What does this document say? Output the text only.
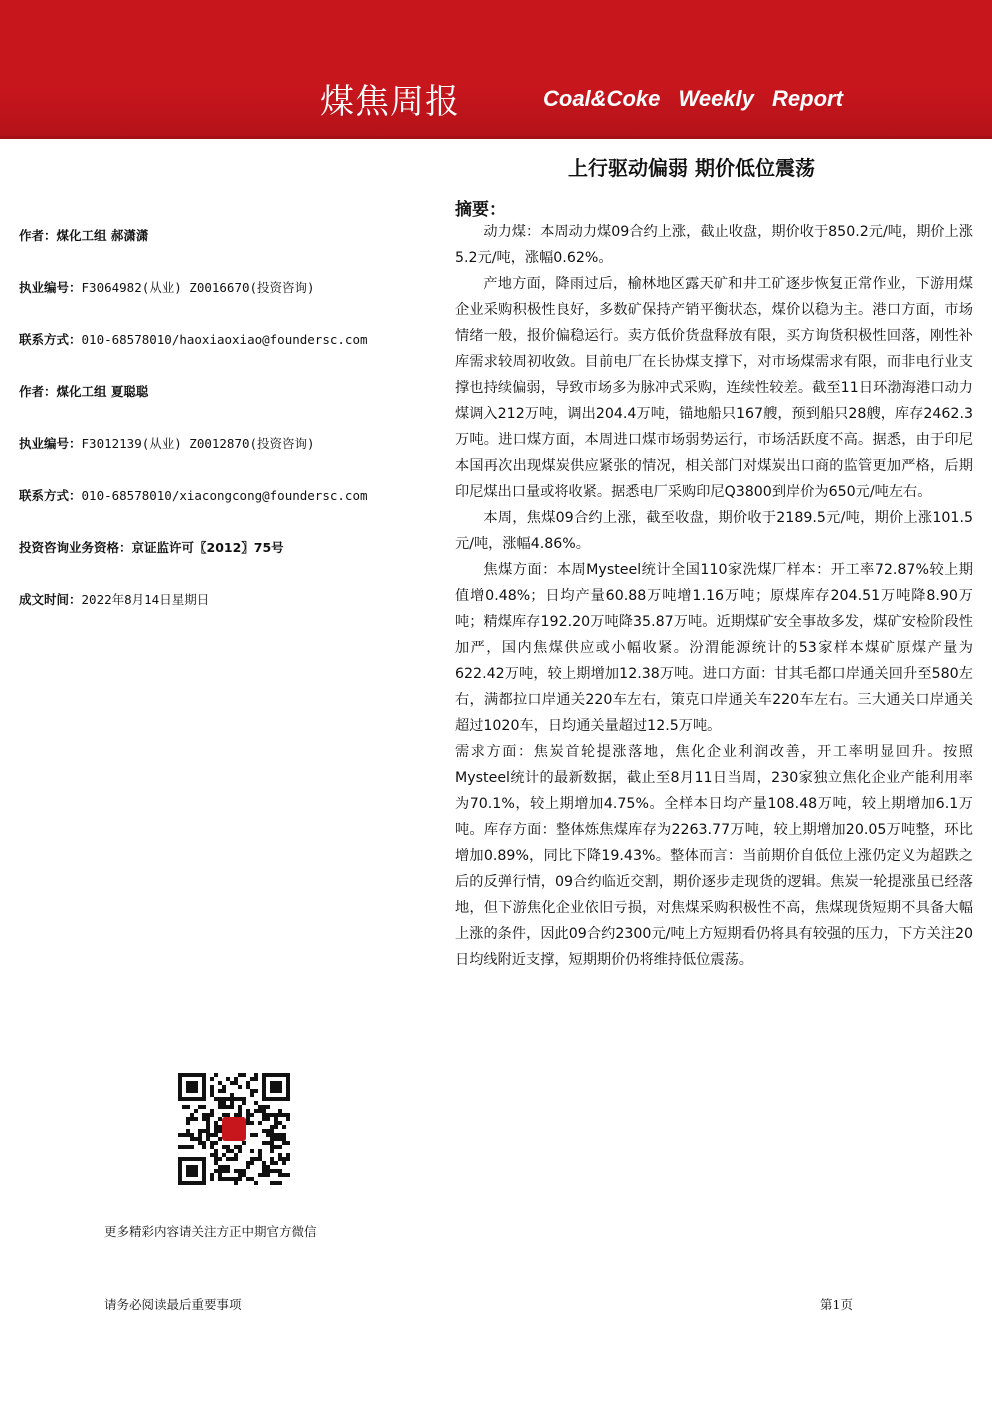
煤焦周报	Coal&Coke Weekly Report
上行驱动偏弱 期价低位震荡
作者：煤化工组 郝潇潇
执业编号：F3064982(从业) Z0016670(投资咨询)
联系方式：010-68578010/haoxiaoxiao@foundersc.com
作者：煤化工组 夏聪聪
执业编号：F3012139(从业) Z0012870(投资咨询)
联系方式：010-68578010/xiacongcong@foundersc.com
投资咨询业务资格：京证监许可〖2012〗75号
成文时间：2022年8月14日星期日
摘要：

动力煤：本周动力煤09合约上涨，截止收盘，期价收于850.2元/吨，期价上涨5.2元/吨，涨幅0.62%。

产地方面，降雨过后，榆林地区露天矿和井工矿逐步恢复正常作业，下游用煤企业采购积极性良好，多数矿保持产销平衡状态，煤价以稳为主。港口方面，市场情绪一般，报价偏稳运行。卖方低价货盘释放有限，买方询货积极性回落，刚性补库需求较周初收敛。目前电厂在长协煤支撑下，对市场煤需求有限，而非电行业支撑也持续偏弱，导致市场多为脉冲式采购，连续性较差。截至11日环渤海港口动力煤调入212万吨，调出204.4万吨，锚地船只167艘，预到船只28艘，库存2462.3万吨。进口煤方面，本周进口煤市场弱势运行，市场活跃度不高。据悉，由于印尼本国再次出现煤炭供应紧张的情况，相关部门对煤炭出口商的监管更加严格，后期印尼煤出口量或将收紧。据悉电厂采购印尼Q3800到岸价为650元/吨左右。

本周，焦煤09合约上涨，截至收盘，期价收于2189.5元/吨，期价上涨101.5元/吨，涨幅4.86%。

焦煤方面：本周Mysteel统计全国110家洗煤厂样本：开工率72.87%较上期值增0.48%；日均产量60.88万吨增1.16万吨；原煤库存204.51万吨降8.90万吨；精煤库存192.20万吨降35.87万吨。近期煤矿安全事故多发，煤矿安检阶段性加严，国内焦煤供应或小幅收紧。汾渭能源统计的53家样本煤矿原煤产量为622.42万吨，较上期增加12.38万吨。进口方面：甘其毛都口岸通关回升至580左右，满都拉口岸通关220车左右，策克口岸通关车220车左右。三大通关口岸通关超过1020车，日均通关量超过12.5万吨。

需求方面：焦炭首轮提涨落地，焦化企业利润改善，开工率明显回升。按照Mysteel统计的最新数据，截止至8月11日当周，230家独立焦化企业产能利用率为70.1%，较上期增加4.75%。全样本日均产量108.48万吨，较上期增加6.1万吨。库存方面：整体炼焦煤库存为2263.77万吨，较上期增加20.05万吨整，环比增加0.89%，同比下降19.43%。整体而言：当前期价自低位上涨仍定义为超跌之后的反弹行情，09合约临近交割，期价逐步走现货的逻辑。焦炭一轮提涨虽已经落地，但下游焦化企业依旧亏损，对焦煤采购积极性不高，焦煤现货短期不具备大幅上涨的条件，因此09合约2300元/吨上方短期看仍将具有较强的压力，下方关注20日均线附近支撑，短期期价仍将维持低位震荡。

更多精彩内容请关注方正中期官方微信
请务必阅读最后重要事项	第1页
